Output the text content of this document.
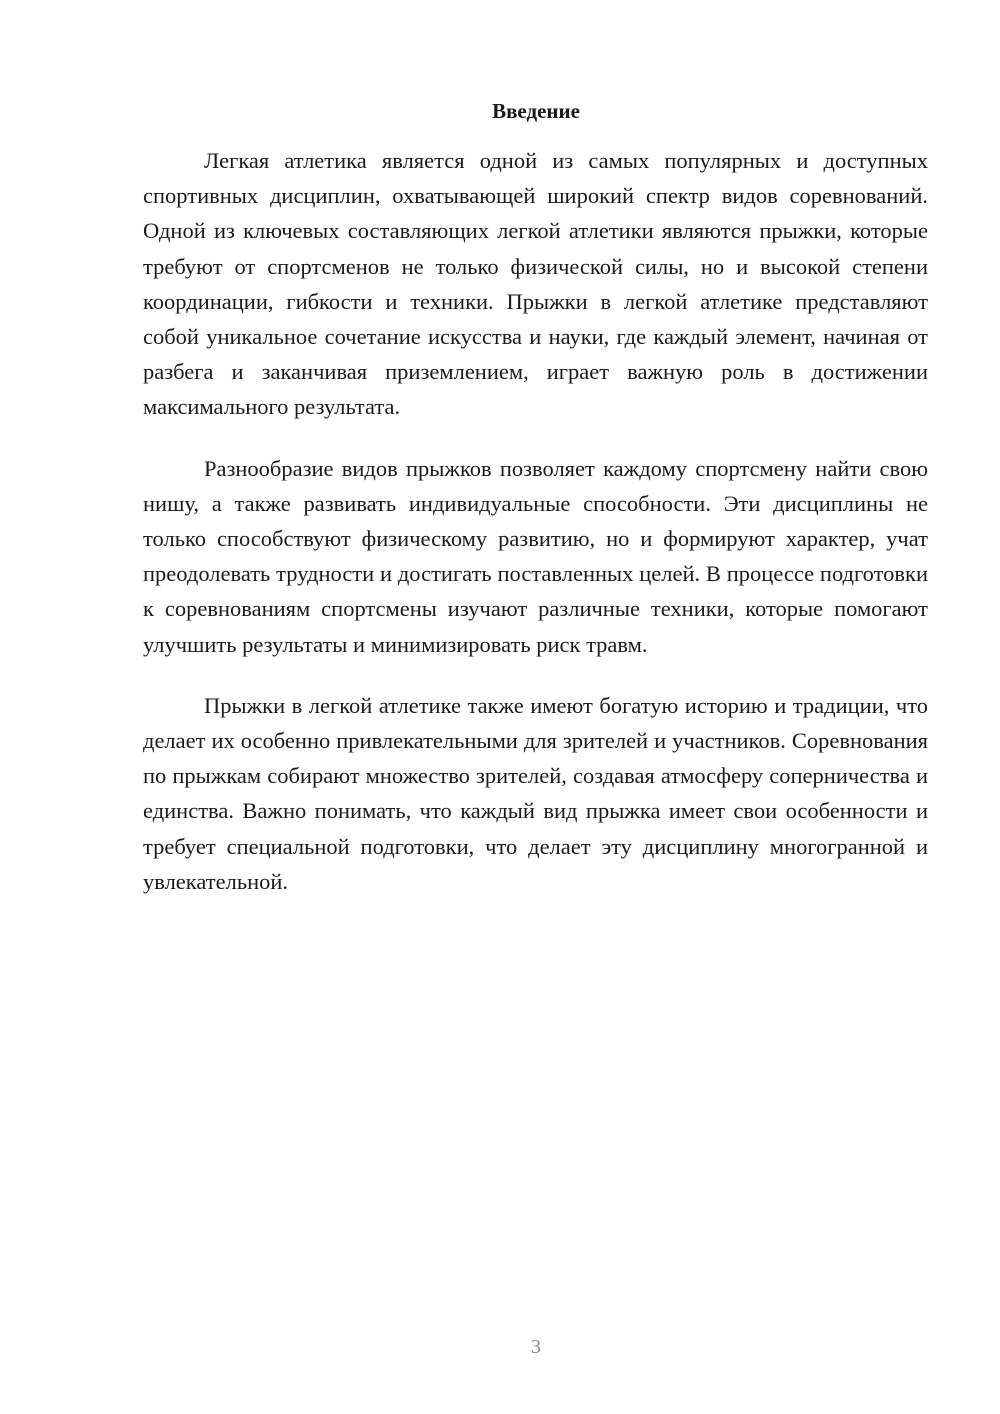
Введение

Легкая атлетика является одной из самых популярных и доступных спортивных дисциплин, охватывающей широкий спектр видов соревнований. Одной из ключевых составляющих легкой атлетики являются прыжки, которые требуют от спортсменов не только физической силы, но и высокой степени координации, гибкости и техники. Прыжки в легкой атлетике представляют собой уникальное сочетание искусства и науки, где каждый элемент, начиная от разбега и заканчивая приземлением, играет важную роль в достижении максимального результата.

Разнообразие видов прыжков позволяет каждому спортсмену найти свою нишу, а также развивать индивидуальные способности. Эти дисциплины не только способствуют физическому развитию, но и формируют характер, учат преодолевать трудности и достигать поставленных целей. В процессе подготовки к соревнованиям спортсмены изучают различные техники, которые помогают улучшить результаты и минимизировать риск травм.

Прыжки в легкой атлетике также имеют богатую историю и традиции, что делает их особенно привлекательными для зрителей и участников. Соревнования по прыжкам собирают множество зрителей, создавая атмосферу соперничества и единства. Важно понимать, что каждый вид прыжка имеет свои особенности и требует специальной подготовки, что делает эту дисциплину многогранной и увлекательной.

3
